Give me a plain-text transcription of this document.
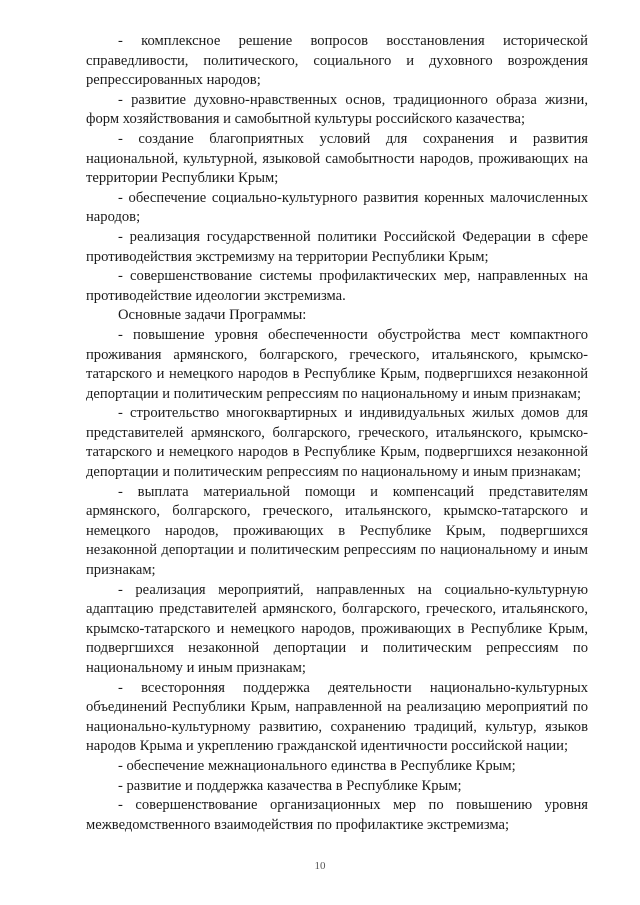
- комплексное решение вопросов восстановления исторической справедливости, политического, социального и духовного возрождения репрессированных народов;

- развитие духовно-нравственных основ, традиционного образа жизни, форм хозяйствования и самобытной культуры российского казачества;

- создание благоприятных условий для сохранения и развития национальной, культурной, языковой самобытности народов, проживающих на территории Республики Крым;

- обеспечение социально-культурного развития коренных малочисленных народов;

- реализация государственной политики Российской Федерации в сфере противодействия экстремизму на территории Республики Крым;

- совершенствование системы профилактических мер, направленных на противодействие идеологии экстремизма.

Основные задачи Программы:

- повышение уровня обеспеченности обустройства мест компактного проживания армянского, болгарского, греческого, итальянского, крымско-татарского и немецкого народов в Республике Крым, подвергшихся незаконной депортации и политическим репрессиям по национальному и иным признакам;

- строительство многоквартирных и индивидуальных жилых домов для представителей армянского, болгарского, греческого, итальянского, крымско-татарского и немецкого народов в Республике Крым, подвергшихся незаконной депортации и политическим репрессиям по национальному и иным признакам;

- выплата материальной помощи и компенсаций представителям армянского, болгарского, греческого, итальянского, крымско-татарского и немецкого народов, проживающих в Республике Крым, подвергшихся незаконной депортации и политическим репрессиям по национальному и иным признакам;

- реализация мероприятий, направленных на социально-культурную адаптацию представителей армянского, болгарского, греческого, итальянского, крымско-татарского и немецкого народов, проживающих в Республике Крым, подвергшихся незаконной депортации и политическим репрессиям по национальному и иным признакам;

- всесторонняя поддержка деятельности национально-культурных объединений Республики Крым, направленной на реализацию мероприятий по национально-культурному развитию, сохранению традиций, культур, языков народов Крыма и укреплению гражданской идентичности российской нации;

- обеспечение межнационального единства в Республике Крым;

- развитие и поддержка казачества в Республике Крым;

- совершенствование организационных мер по повышению уровня межведомственного взаимодействия по профилактике экстремизма;

10
